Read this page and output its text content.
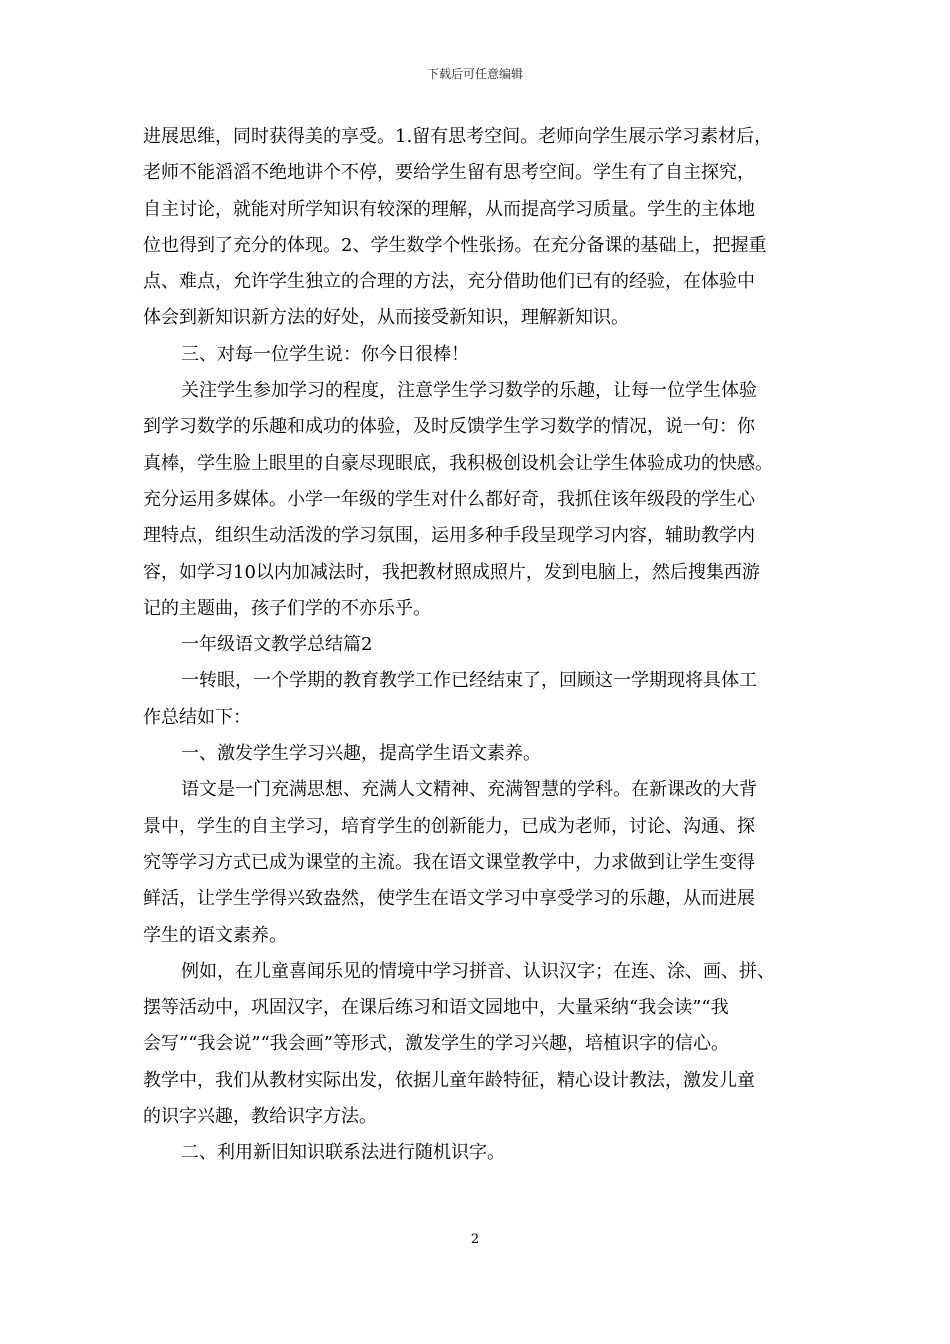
下载后可任意编辑
进展思维，同时获得美的享受。1.留有思考空间。老师向学生展示学习素材后，
老师不能滔滔不绝地讲个不停，要给学生留有思考空间。学生有了自主探究，
自主讨论，就能对所学知识有较深的理解，从而提高学习质量。学生的主体地
位也得到了充分的体现。2、学生数学个性张扬。在充分备课的基础上，把握重
点、难点，允许学生独立的合理的方法，充分借助他们已有的经验，在体验中
体会到新知识新方法的好处，从而接受新知识，理解新知识。
三、对每一位学生说：你今日很棒！
关注学生参加学习的程度，注意学生学习数学的乐趣，让每一位学生体验
到学习数学的乐趣和成功的体验，及时反馈学生学习数学的情况，说一句：你
真棒，学生脸上眼里的自豪尽现眼底，我积极创设机会让学生体验成功的快感。
充分运用多媒体。小学一年级的学生对什么都好奇，我抓住该年级段的学生心
理特点，组织生动活泼的学习氛围，运用多种手段呈现学习内容，辅助教学内
容，如学习10以内加减法时，我把教材照成照片，发到电脑上，然后搜集西游
记的主题曲，孩子们学的不亦乐乎。
一年级语文教学总结篇2
一转眼，一个学期的教育教学工作已经结束了，回顾这一学期现将具体工
作总结如下：
一、激发学生学习兴趣，提高学生语文素养。
语文是一门充满思想、充满人文精神、充满智慧的学科。在新课改的大背
景中，学生的自主学习，培育学生的创新能力，已成为老师，讨论、沟通、探
究等学习方式已成为课堂的主流。我在语文课堂教学中，力求做到让学生变得
鲜活，让学生学得兴致盎然，使学生在语文学习中享受学习的乐趣，从而进展
学生的语文素养。
例如，在儿童喜闻乐见的情境中学习拼音、认识汉字；在连、涂、画、拼、
摆等活动中，巩固汉字，在课后练习和语文园地中，大量采纳“我会读”“我
会写”“我会说”“我会画”等形式，激发学生的学习兴趣，培植识字的信心。
教学中，我们从教材实际出发，依据儿童年龄特征，精心设计教法，激发儿童
的识字兴趣，教给识字方法。
二、利用新旧知识联系法进行随机识字。
2
